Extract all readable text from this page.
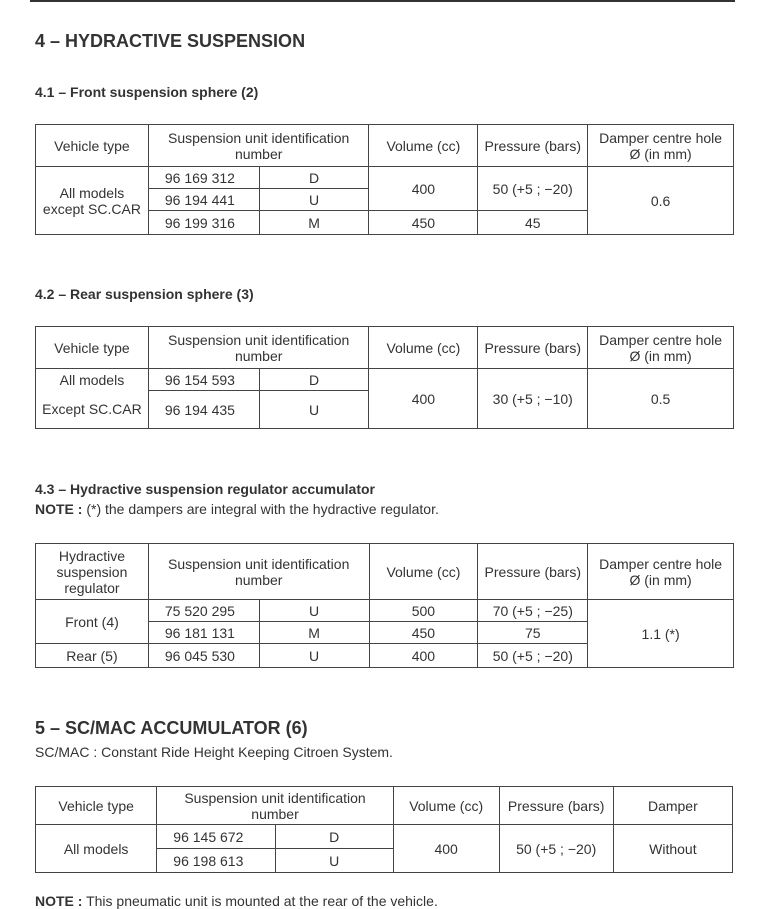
4 – HYDRACTIVE SUSPENSION
4.1 – Front suspension sphere (2)
Vehicle type	Suspension unit identification number		Volume (cc)	Pressure (bars)	Damper centre hole Ø (in mm)
All models except SC.CAR	96 169 312	D	400	50 (+5 ; −20)	0.6
	96 194 441	U			
	96 199 316	M	450	45	
4.2 – Rear suspension sphere (3)
Vehicle type	Suspension unit identification number		Volume (cc)	Pressure (bars)	Damper centre hole Ø (in mm)
All models	96 154 593	D	400	30 (+5 ; −10)	0.5
Except SC.CAR	96 194 435	U			
4.3 – Hydractive suspension regulator accumulator
NOTE : (*) the dampers are integral with the hydractive regulator.
Hydractive suspension regulator	Suspension unit identification number		Volume (cc)	Pressure (bars)	Damper centre hole Ø (in mm)
Front (4)	75 520 295	U	500	70 (+5 ; −25)	1.1 (*)
	96 181 131	M	450	75	
Rear (5)	96 045 530	U	400	50 (+5 ; −20)	
5 – SC/MAC ACCUMULATOR (6)
SC/MAC : Constant Ride Height Keeping Citroen System.
Vehicle type	Suspension unit identification number		Volume (cc)	Pressure (bars)	Damper
All models	96 145 672	D	400	50 (+5 ; −20)	Without
	96 198 613	U			
NOTE : This pneumatic unit is mounted at the rear of the vehicle.
